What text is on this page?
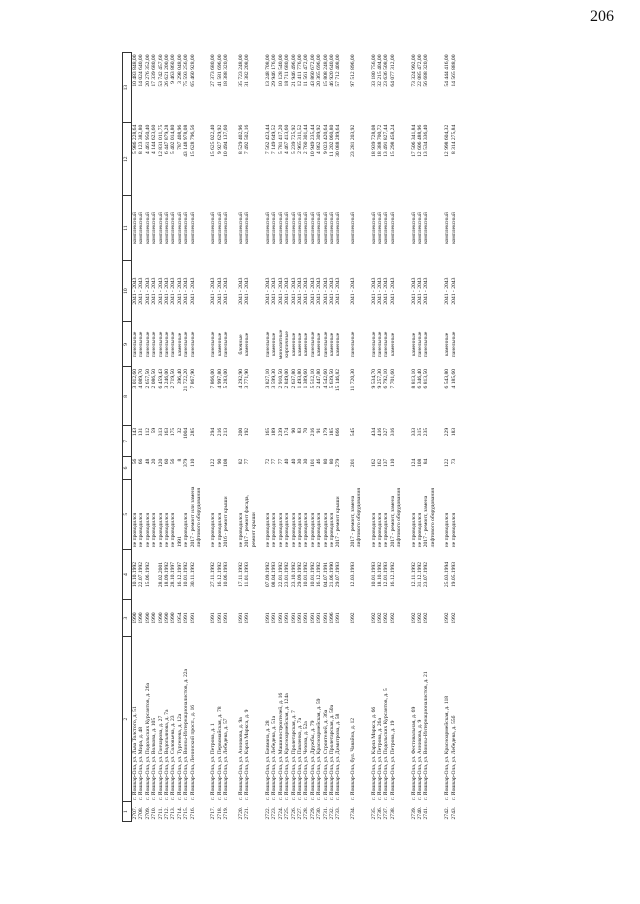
206
1	2	3	4	5	6	7	8	9	10	11	12	13
2707.	г. Йошкар-Ола, ул. Льва Толстого, д. 51	1990	10.10.1992	не проводился	56	143	3 012,60	панельные	2041 - 2043	комплексный	5 986 228,64	10 483 848,00
2708.	г. Йошкар-Ола, ул. Мира, д. 48	1990	22.07.1992	не проводился	66	131	4 089,70	панельные	2041 - 2043	комплексный	8 123 382,80	14 024 640,00
2709.	г. Йошкар-Ола, ул. Подольских Курсантов, д. 26а	1990	15.06.1992	не проводился	48	112	2 657,50	панельные	2041 - 2043	комплексный	4 461 950,40	20 276 352,00
2710.	г. Йошкар-Ола, ул. Волкова, д. 105	1990		не проводился	20	59	2 086,50	панельные	2041 - 2043	комплексный	4 144 623,60	17 339 680,00
2711.	г. Йошкар-Ола, ул. Гончарова, д. 27	1990	28.02.2001	не проводился	120	313	6 459,43	панельные	2041 - 2043	комплексный	12 831 011,75	53 742 457,60
2712.	г. Йошкар-Ола, ул. Водопьянова, д. 7а	1990	18.09.1992	не проводился	60	163	3 246,00	панельные	2041 - 2043	комплексный	6 447 879,28	26 621 200,00
2713.	г. Йошкар-Ола, ул. Соловьева, д. 23	1990	28.10.1997	не проводился	56	175	2 719,50	панельные	2041 - 2043	комплексный	5 402 014,80	9 463 860,00
2714.	г. Йошкар-Ола, ул. Тургенева, д. 12а	1954	16.12.1997	1991	8	32	396,40	каменные	2041 - 2043	комплексный	787 408,96	3 298 048,00
2715.	г. Йошкар-Ола, ул. Воины-Интернационалистов, д. 22а	1991	10.01.1992	не проводился	379	1004	21 722,20	панельные	2041 - 2043	комплексный	43 148 978,08	75 593 256,00
2716.	г. Йошкар-Ола, Ленинский просп., д. 16	1991	30.11.1992	2017 - ремонт или замена лифтового оборудования	110	285	7 867,90	панельные	2041 - 2043	комплексный	15 628 796,56	65 460 928,00

2717.	г. Йошкар-Ола, ул. Петрова, д. 1	1991	27.11.1992	не проводился	122	294	7 866,00	панельные	2041 - 2043	комплексный	15 625 022,40	27 373 680,00
2718.	г. Йошкар-Ола, ул. Первомайская, д. 78	1991	16.12.1992	не проводился	90	216	4 997,80	каменные	2041 - 2043	комплексный	9 927 629,92	41 581 696,00
2719.	г. Йошкар-Ола, ул. Лебедева, д. 57	1991	10.06.1993	2016 - ремонт крыши	108	213	5 283,00	панельные	2041 - 2043	комплексный	10 494 137,60	18 388 320,00

2720.	г. Йошкар-Ола, ул. Анникова, д. 9а	1991	17.11.1992	не проводился	82	200	4 292,90	блочные	2041 - 2043	комплексный	8 529 402,96	35 723 248,00
2721.	г. Йошкар-Ола, ул. Карла Маркса, д. 9	1991	11.01.1993	2017 - ремонт фасада, ремонт крыши	77	192	3 771,90	каменные	2041 - 2043	комплексный	7 492 502,16	31 382 208,00

2722.	г. Йошкар-Ола, ул. Бачмана, д. 28	1991	07.09.1992	не проводился	72	165	3 827,10	панельные	2041 - 2043	комплексный	7 562 423,44	13 248 708,00
2723.	г. Йошкар-Ола, ул. Лебедева, д. 51а	1991	08.04.1993	не проводился	77	189	3 599,30	каменные	2041 - 2043	комплексный	7 149 649,52	29 946 176,00
2724.	г. Йошкар-Ола, ул. Машиностроителей, д. 16	1991	22.01.1992	не проводился	77	239	2 910,50	монолитные	2041 - 2043	комплексный	5 781 417,20	10 128 540,00
2725.	г. Йошкар-Ола, ул. Красноармейская, д. 124а	1991	23.01.1992	не проводился	40	174	2 849,00	кирпичные	2041 - 2043	комплексный	4 467 413,60	18 711 680,00
2726.	г. Йошкар-Ола, ул. Пролетарская, д. 7	1991	23.10.1992	не проводился	40	90	2 637,80	каменные	2041 - 2043	комплексный	5 239 725,92	21 946 496,00
2727.	г. Йошкар-Ола, ул. Павленко, д. 7а	1991	29.09.1992	не проводился	30	83	1 493,80	каменные	2041 - 2043	комплексный	2 965 311,52	12 411 776,00
2728.	г. Йошкар-Ола, ул. Чехова, д. 52а	1991	10.01.1992	не проводился	30	70	1 389,60	каменные	2041 - 2043	комплексный	2 760 301,44	11 561 472,00
2729.	г. Йошкар-Ола, ул. Дружбы, д. 79	1991	10.01.1992	не проводился	101	216	5 512,10	панельные	2041 - 2043	комплексный	10 949 235,44	43 860 672,00
2730.	г. Йошкар-Ола, ул. Красноармейская, д. 59	1991	16.12.1992	не проводился	46	91	2 447,80	каменные	2041 - 2043	комплексный	4 862 309,92	20 365 696,00
2731.	г. Йошкар-Ола, ул. Строителей, д. 36а	1991	04.07.1991	не проводился	80	179	4 542,60	панельные	2041 - 2043	комплексный	9 023 420,64	15 808 248,00
2732.	г. Йошкар-Ола, ул. Пролетарская, д. 50а	1996	21.06.1990	не проводился	80	185	5 639,50	каменные	2041 - 2043	комплексный	11 202 060,80	46 920 640,00
2733.	г. Йошкар-Ола, ул. Димитрова, д. 58	1991	29.07.1993	2017 - ремонт крыши	279	666	15 146,82	каменные	2041 - 2043	комплексный	30 088 289,64	57 712 408,00

2734.	г. Йошкар-Ола, бул. Чавайна, д. 12	1992	12.03.1993	2017 - ремонт, замена лифтового оборудования	201	545	11 720,30	панельные	2041 - 2043	комплексный	23 281 203,92	97 512 896,00

2735.	г. Йошкар-Ола, ул. Карла Маркса, д. 66	1992	10.01.1993	не проводился	162	434	9 534,70	панельные	2041 - 2043	комплексный	18 939 728,08	33 180 756,00
2736.	г. Йошкар-Ола, ул. Петрова, д. 26а	1992	18.10.1992	не проводился	162	416	9 257,30	панельные	2041 - 2043	комплексный	18 388 700,72	32 215 404,00
2737.	г. Йошкар-Ола, ул. Подольских Курсантов, д. 5	1992	12.01.1993	не проводился	137	327	6 792,10	панельные	2041 - 2043	комплексный	13 491 827,44	23 636 508,00
2738.	г. Йошкар-Ола, ул. Петрова, д. 19	1992	16.12.1992	2017 - ремонт, замена лифтового оборудования	110	316	7 701,60	каменные	2041 - 2043	комплексный	15 298 458,24	64 077 312,00

2739.	г. Йошкар-Ола, ул. Фестивальная, д. 69	1992	12.11.1992	не проводился	124	333	8 813,10	каменные	2041 - 2043	комплексный	17 506 341,84	73 324 992,00
2740.	г. Йошкар-Ола, ул. Анникова, д. 9	1992	31.12.1992	не проводился	108	315	6 346,40	панельные	2041 - 2043	комплексный	12 606 488,96	22 085 472,00
2741.	г. Йошкар-Ола, ул. Воины-Интернационалистов, д. 21	1992	23.07.1992	2017 - ремонт, замена лифтового оборудования	84	235	6 813,50	панельные	2041 - 2043	комплексный	13 534 336,40	56 688 320,00

2742.	г. Йошкар-Ола, ул. Красноармейская, д. 118	1992	25.03.1994	не проводился	122	229	6 543,80	каменные	2041 - 2043	комплексный	12 998 604,32	54 444 416,00
2743.	г. Йошкар-Ола, ул. Лебедева, д. 55б	1992	19.05.1993	не проводился	73	183	4 185,60	панельные	2041 - 2043	комплексный	8 314 275,84	14 565 888,00
